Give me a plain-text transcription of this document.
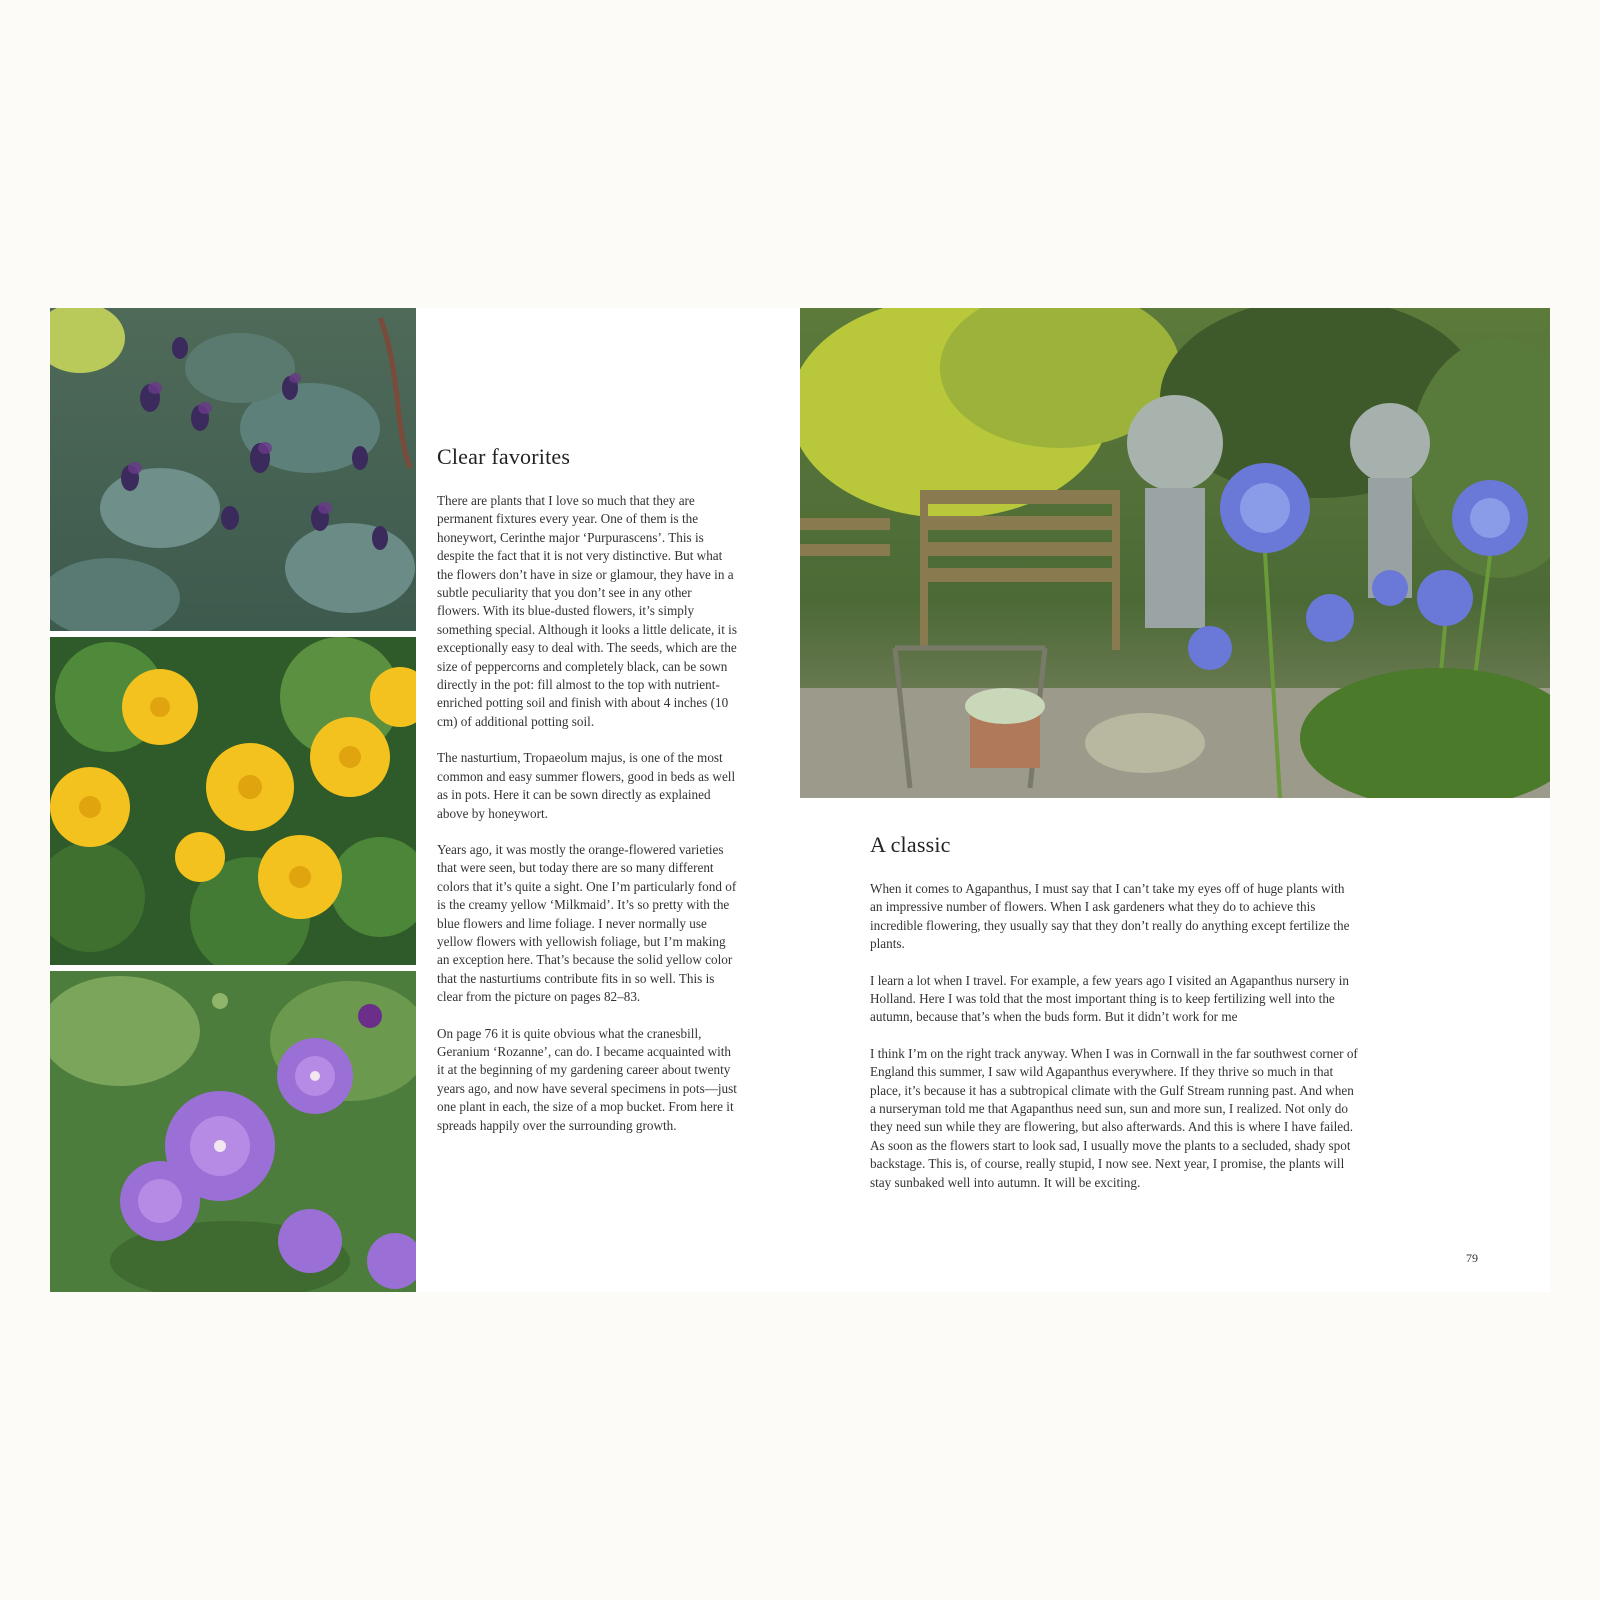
Clear favorites

There are plants that I love so much that they are permanent fixtures every year. One of them is the honeywort, Cerinthe major ‘Purpurascens’. This is despite the fact that it is not very distinctive. But what the flowers don’t have in size or glamour, they have in a subtle peculiarity that you don’t see in any other flowers. With its blue-dusted flowers, it’s simply something special. Although it looks a little delicate, it is exceptionally easy to deal with. The seeds, which are the size of peppercorns and completely black, can be sown directly in the pot: fill almost to the top with nutrient-enriched potting soil and finish with about 4 inches (10 cm) of additional potting soil.

The nasturtium, Tropaeolum majus, is one of the most common and easy summer flowers, good in beds as well as in pots. Here it can be sown directly as explained above by honeywort.

Years ago, it was mostly the orange-flowered varieties that were seen, but today there are so many different colors that it’s quite a sight. One I’m particularly fond of is the creamy yellow ‘Milkmaid’. It’s so pretty with the blue flowers and lime foliage. I never normally use yellow flowers with yellowish foliage, but I’m making an exception here. That’s because the solid yellow color that the nasturtiums contribute fits in so well. This is clear from the picture on pages 82–83.

On page 76 it is quite obvious what the cranesbill, Geranium ‘Rozanne’, can do. I became acquainted with it at the beginning of my gardening career about twenty years ago, and now have several specimens in pots—just one plant in each, the size of a mop bucket. From here it spreads happily over the surrounding growth.

A classic

When it comes to Agapanthus, I must say that I can’t take my eyes off of huge plants with an impressive number of flowers. When I ask gardeners what they do to achieve this incredible flowering, they usually say that they don’t really do anything except fertilize the plants.

I learn a lot when I travel. For example, a few years ago I visited an Agapanthus nursery in Holland. Here I was told that the most important thing is to keep fertilizing well into the autumn, because that’s when the buds form. But it didn’t work for me

I think I’m on the right track anyway. When I was in Cornwall in the far southwest corner of England this summer, I saw wild Agapanthus everywhere. If they thrive so much in that place, it’s because it has a subtropical climate with the Gulf Stream running past. And when a nurseryman told me that Agapanthus need sun, sun and more sun, I realized. Not only do they need sun while they are flowering, but also afterwards. And this is where I have failed. As soon as the flowers start to look sad, I usually move the plants to a secluded, shady spot backstage. This is, of course, really stupid, I now see. Next year, I promise, the plants will stay sunbaked well into autumn. It will be exciting.

79
